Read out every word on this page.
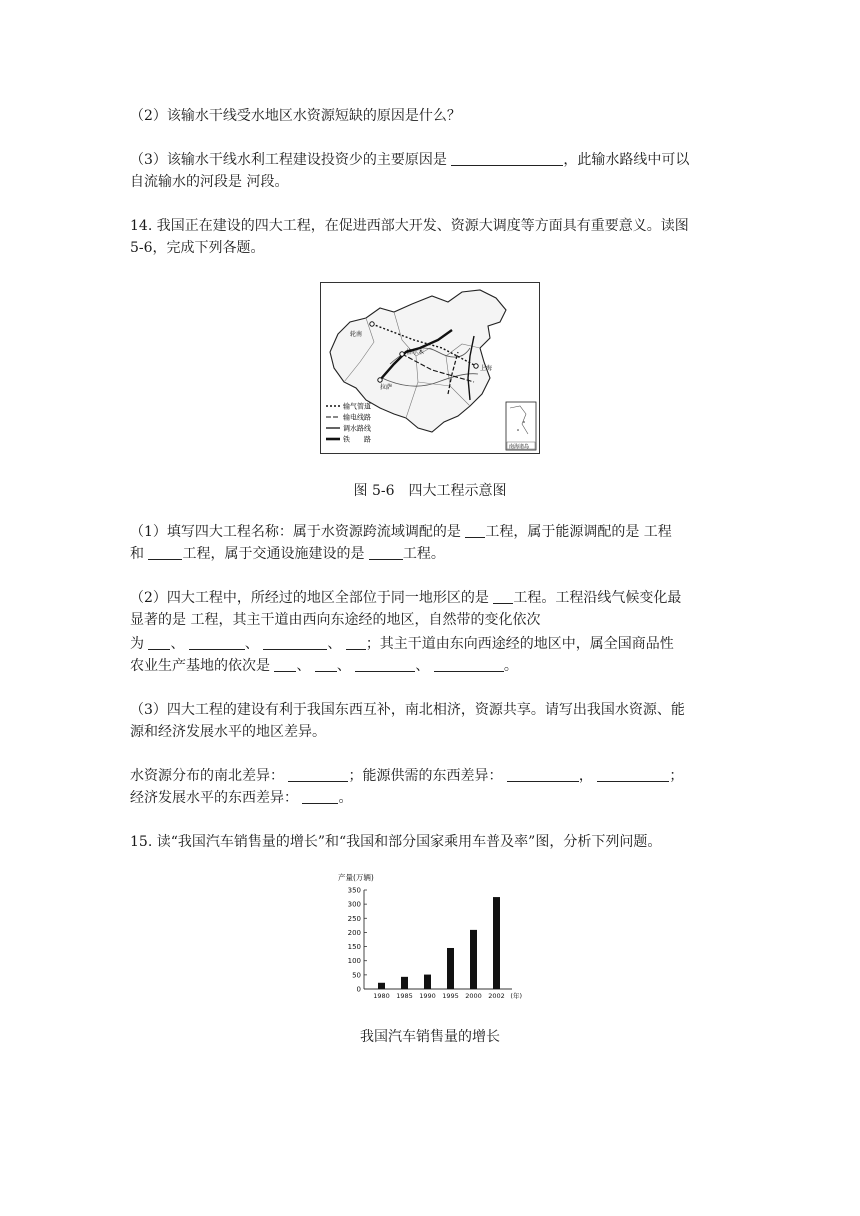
（2）该输水干线受水地区水资源短缺的原因是什么？
（3）该输水干线水利工程建设投资少的主要原因是	，此输水路线中可以
自流输水的河段是 河段。
14. 我国正在建设的四大工程，在促进西部大开发、资源大调度等方面具有重要意义。读图
5-6，完成下列各题。
轮南
格尔木
拉萨
上海
输气管道
输电线路
调水路线
铁　　路
南海诸岛
图 5-6　四大工程示意图
（1）填写四大工程名称：属于水资源跨流域调配的是 工程，属于能源调配的是 工程
和 工程，属于交通设施建设的是 工程。
（2）四大工程中，所经过的地区全部位于同一地形区的是 工程。工程沿线气候变化最
显著的是 工程，其主干道由西向东途经的地区，自然带的变化依次
为 、	、	、 ；其主干道由东向西途经的地区中，属全国商品性
农业生产基地的依次是 、 、	、	。
（3）四大工程的建设有利于我国东西互补，南北相济，资源共享。请写出我国水资源、能
源和经济发展水平的地区差异。
水资源分布的南北差异：	；能源供需的东西差异：	，	；
经济发展水平的东西差异：	。
15. 读“我国汽车销售量的增长”和“我国和部分国家乘用车普及率”图，分析下列问题。
产量(万辆)
0
50
100
150
200
250
300
350
1980 1985 1990 1995 2000 2002 (年)
我国汽车销售量的增长
